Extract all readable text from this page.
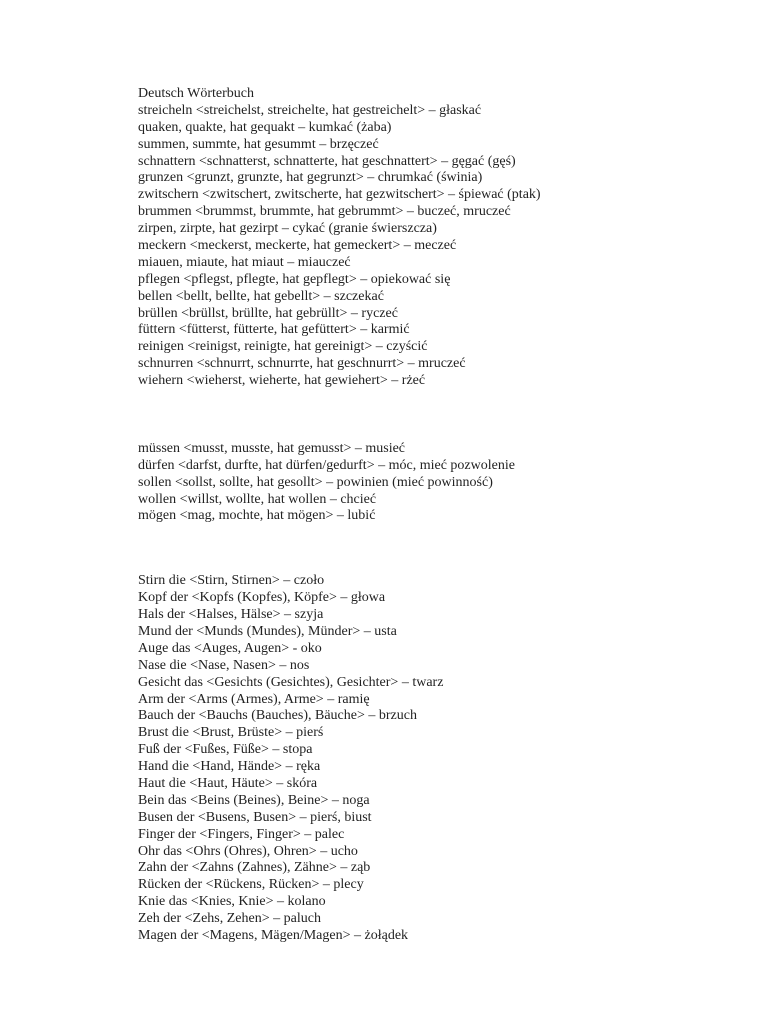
Deutsch Wörterbuch
streicheln <streichelst, streichelte, hat gestreichelt> – głaskać
quaken, quakte, hat gequakt – kumkać (żaba)
summen, summte, hat gesummt – brzęczeć
schnattern <schnatterst, schnatterte, hat geschnattert> – gęgać (gęś)
grunzen <grunzt, grunzte, hat gegrunzt> – chrumkać (świnia)
zwitschern <zwitschert, zwitscherte, hat gezwitschert> – śpiewać (ptak)
brummen <brummst, brummte, hat gebrummt> – buczeć, mruczeć
zirpen, zirpte, hat gezirpt – cykać (granie świerszcza)
meckern <meckerst, meckerte, hat gemeckert> – meczeć
miauen, miaute, hat miaut – miauczeć
pflegen <pflegst, pflegte, hat gepflegt> – opiekować się
bellen <bellt, bellte, hat gebellt> – szczekać
brüllen <brüllst, brüllte, hat gebrüllt> – ryczeć
füttern <fütterst, fütterte, hat gefüttert> – karmić
reinigen <reinigst, reinigte, hat gereinigt> – czyścić
schnurren <schnurrt, schnurrte, hat geschnurrt> – mruczeć
wiehern <wieherst, wieherte, hat gewiehert> – rżeć
müssen <musst, musste, hat gemusst> – musieć
dürfen <darfst, durfte, hat dürfen/gedurft> – móc, mieć pozwolenie
sollen <sollst, sollte, hat gesollt> – powinien (mieć powinność)
wollen <willst, wollte, hat wollen – chcieć
mögen <mag, mochte, hat mögen> – lubić
Stirn die <Stirn, Stirnen> – czoło
Kopf der <Kopfs (Kopfes), Köpfe> – głowa
Hals der <Halses, Hälse> – szyja
Mund der <Munds (Mundes), Münder> – usta
Auge das <Auges, Augen> - oko
Nase die <Nase, Nasen> – nos
Gesicht das <Gesichts (Gesichtes), Gesichter> – twarz
Arm der <Arms (Armes), Arme> – ramię
Bauch der <Bauchs (Bauches), Bäuche> – brzuch
Brust die <Brust, Brüste> – pierś
Fuß der <Fußes, Füße> – stopa
Hand die <Hand, Hände> – ręka
Haut die <Haut, Häute> – skóra
Bein das <Beins (Beines), Beine> – noga
Busen der <Busens, Busen> – pierś, biust
Finger der <Fingers, Finger> – palec
Ohr das <Ohrs (Ohres), Ohren> – ucho
Zahn der <Zahns (Zahnes), Zähne> – ząb
Rücken der <Rückens, Rücken> – plecy
Knie das <Knies, Knie> – kolano
Zeh der <Zehs, Zehen> – paluch
Magen der <Magens, Mägen/Magen> – żołądek
